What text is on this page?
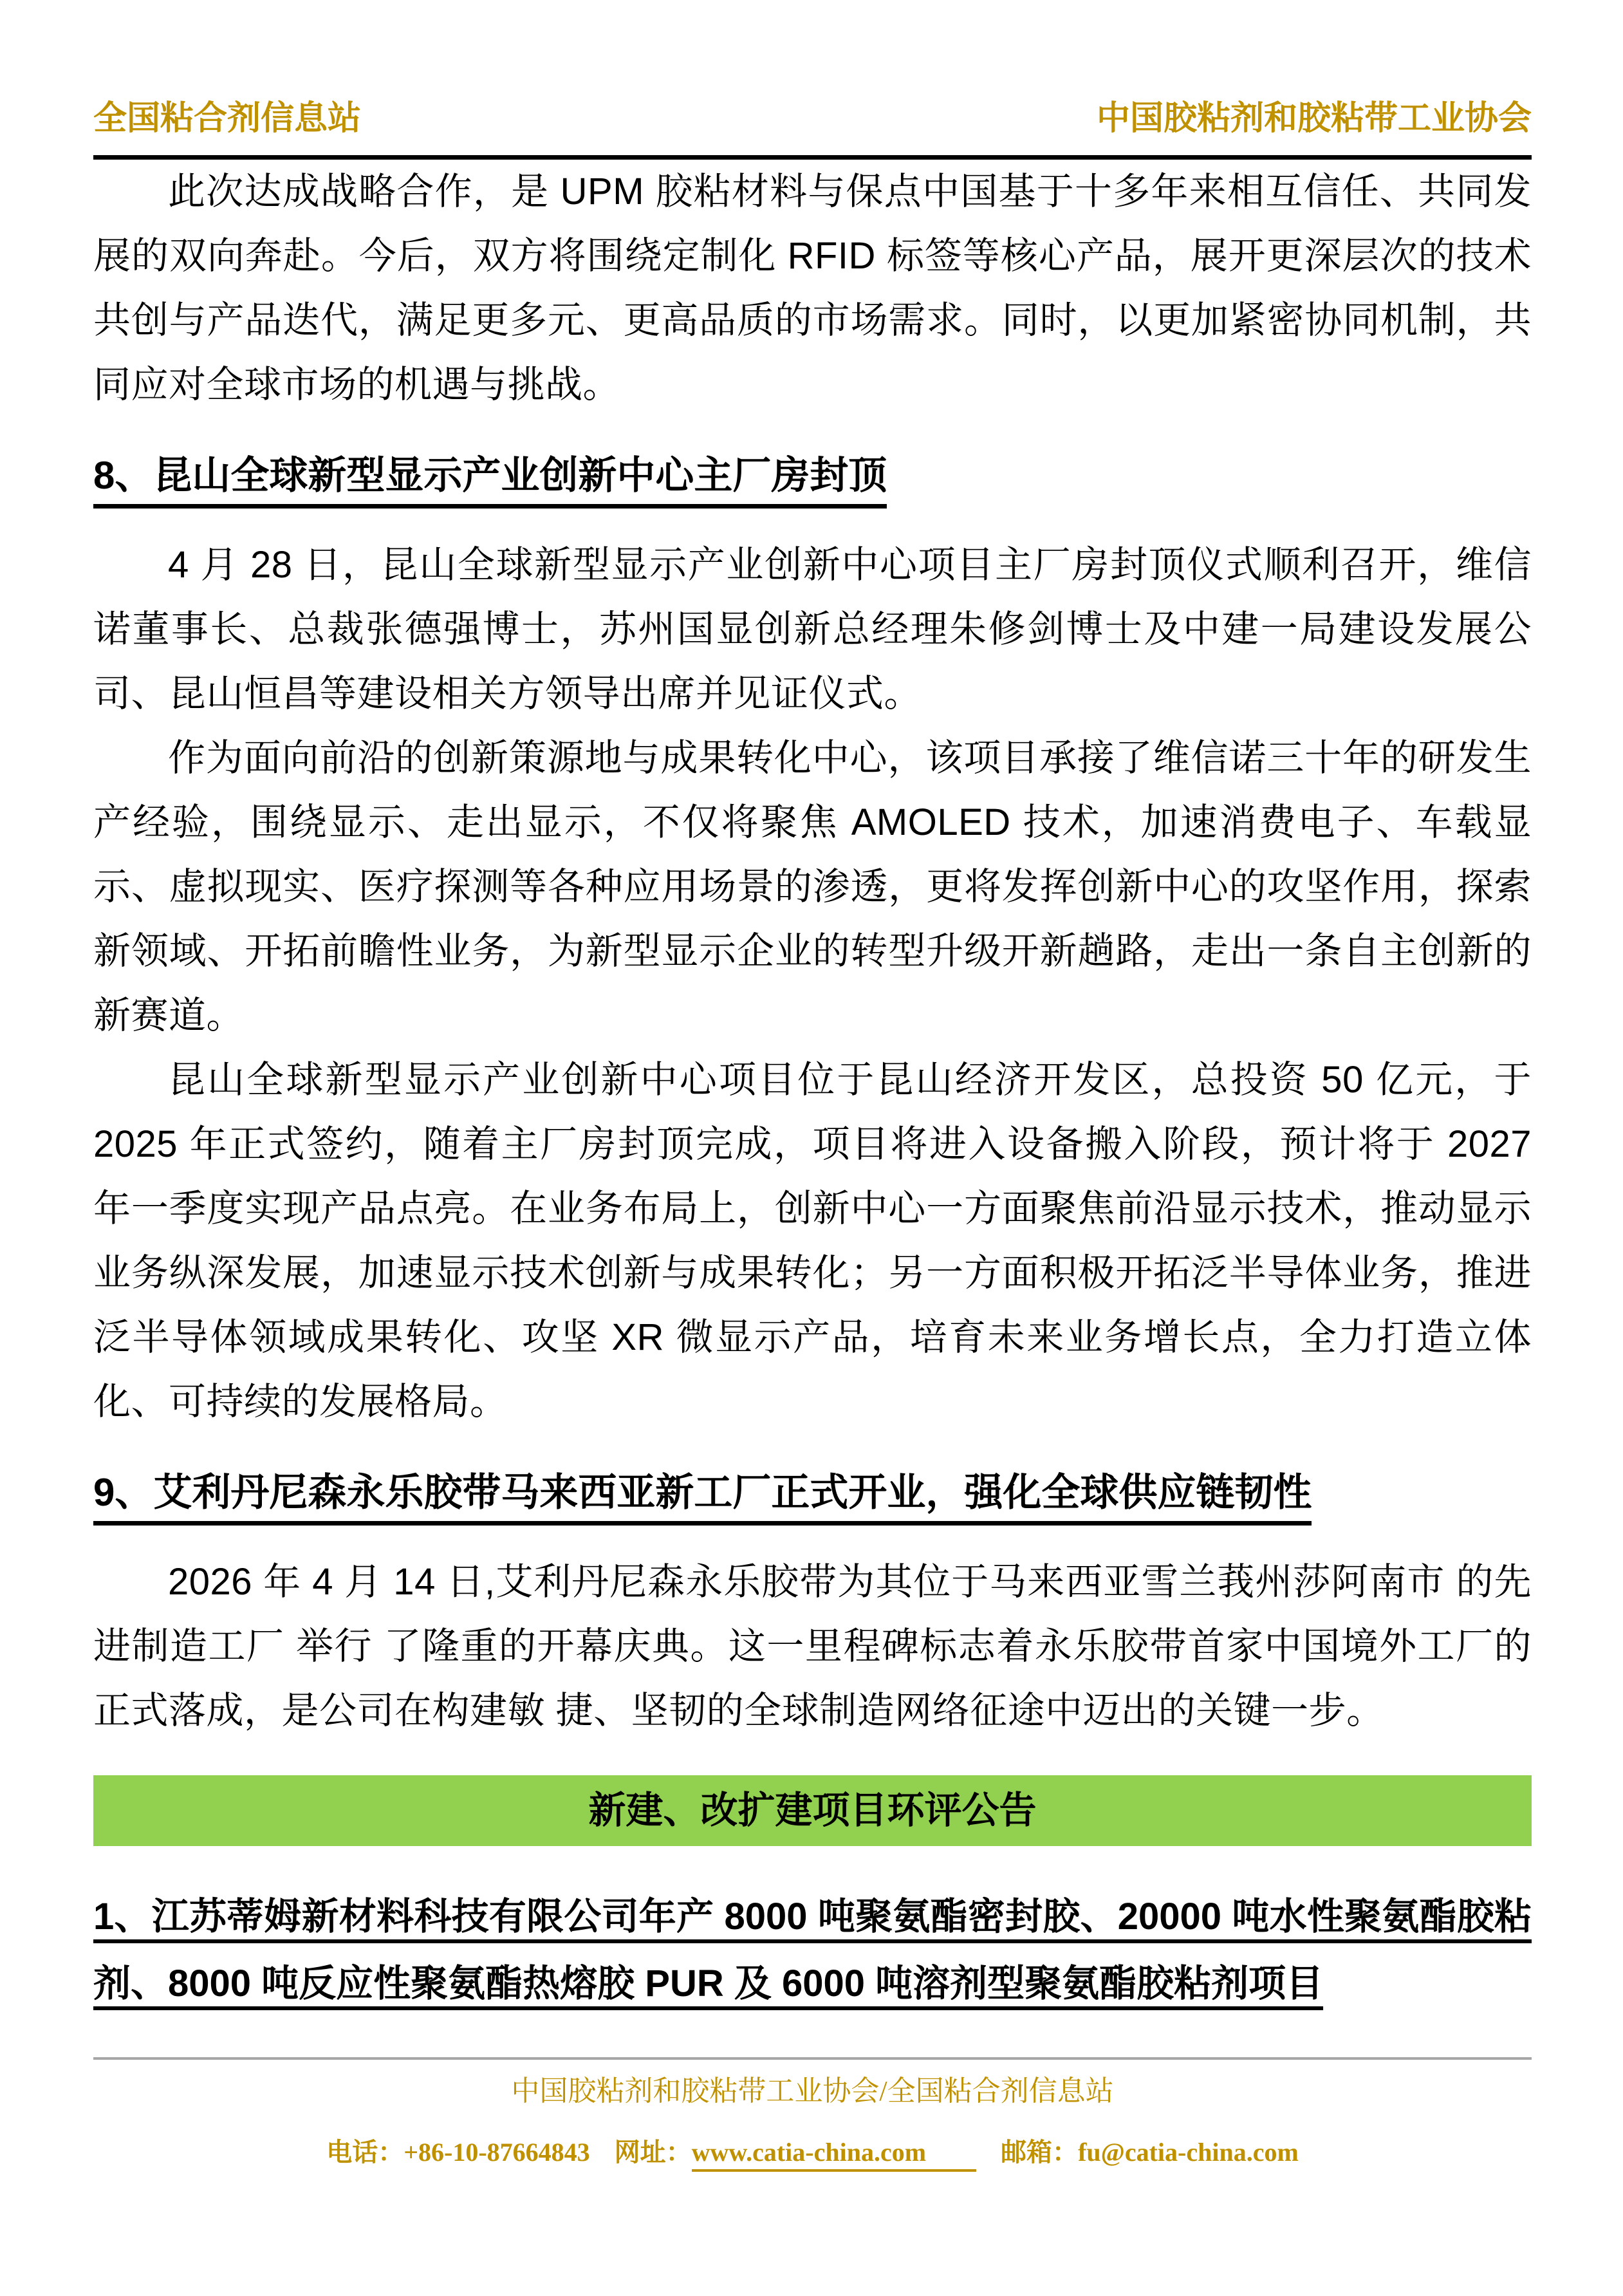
全国粘合剂信息站	中国胶粘剂和胶粘带工业协会

此次达成战略合作，是 UPM 胶粘材料与保点中国基于十多年来相互信任、共同发展的双向奔赴。今后，双方将围绕定制化 RFID 标签等核心产品，展开更深层次的技术共创与产品迭代，满足更多元、更高品质的市场需求。同时，以更加紧密协同机制，共同应对全球市场的机遇与挑战。

8、昆山全球新型显示产业创新中心主厂房封顶

4 月 28 日，昆山全球新型显示产业创新中心项目主厂房封顶仪式顺利召开，维信诺董事长、总裁张德强博士，苏州国显创新总经理朱修剑博士及中建一局建设发展公司、昆山恒昌等建设相关方领导出席并见证仪式。

作为面向前沿的创新策源地与成果转化中心，该项目承接了维信诺三十年的研发生产经验，围绕显示、走出显示，不仅将聚焦 AMOLED 技术，加速消费电子、车载显示、虚拟现实、医疗探测等各种应用场景的渗透，更将发挥创新中心的攻坚作用，探索新领域、开拓前瞻性业务，为新型显示企业的转型升级开新趟路，走出一条自主创新的新赛道。

昆山全球新型显示产业创新中心项目位于昆山经济开发区，总投资 50 亿元，于 2025 年正式签约，随着主厂房封顶完成，项目将进入设备搬入阶段，预计将于 2027 年一季度实现产品点亮。在业务布局上，创新中心一方面聚焦前沿显示技术，推动显示业务纵深发展，加速显示技术创新与成果转化；另一方面积极开拓泛半导体业务，推进泛半导体领域成果转化、攻坚 XR 微显示产品，培育未来业务增长点，全力打造立体化、可持续的发展格局。

9、艾利丹尼森永乐胶带马来西亚新工厂正式开业，强化全球供应链韧性

2026 年 4 月 14 日,艾利丹尼森永乐胶带为其位于马来西亚雪兰莪州莎阿南市 的先进制造工厂 举行 了隆重的开幕庆典。这一里程碑标志着永乐胶带首家中国境外工厂的正式落成，是公司在构建敏 捷、坚韧的全球制造网络征途中迈出的关键一步。

新建、改扩建项目环评公告
1、江苏蒂姆新材料科技有限公司年产 8000 吨聚氨酯密封胶、20000 吨水性聚氨酯胶粘剂、8000 吨反应性聚氨酯热熔胶 PUR 及 6000 吨溶剂型聚氨酯胶粘剂项目
中国胶粘剂和胶粘带工业协会/全国粘合剂信息站
电话：+86-10-87664843 网址：www.catia-china.com	邮箱：fu@catia-china.com
